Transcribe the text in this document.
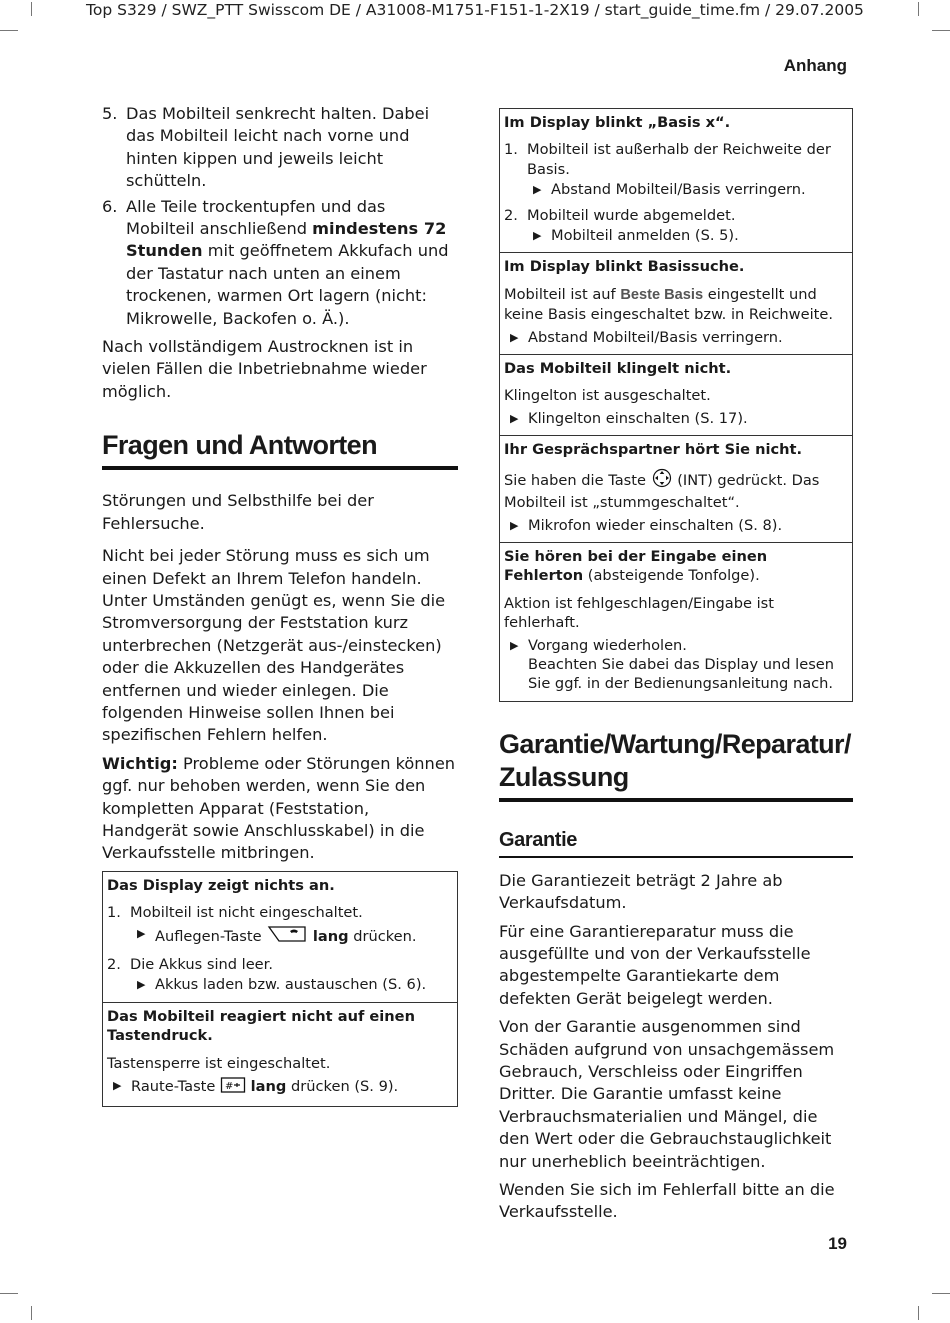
Top S329 / SWZ_PTT Swisscom DE / A31008-M1751-F151-1-2X19 / start_guide_time.fm / 29.07.2005
Anhang
5. Das Mobilteil senkrecht halten. Dabei das Mobilteil leicht nach vorne und hinten kippen und jeweils leicht schütteln.
6. Alle Teile trockentupfen und das Mobilteil anschließend mindestens 72 Stunden mit geöffnetem Akkufach und der Tastatur nach unten an einem trockenen, warmen Ort lagern (nicht: Mikrowelle, Backofen o. Ä.).

Nach vollständigem Austrocknen ist in vielen Fällen die Inbetriebnahme wieder möglich.

Fragen und Antworten

Störungen und Selbsthilfe bei der Fehlersuche.

Nicht bei jeder Störung muss es sich um einen Defekt an Ihrem Telefon handeln. Unter Umständen genügt es, wenn Sie die Stromversorgung der Feststation kurz unterbrechen (Netzgerät aus-/einstecken) oder die Akkuzellen des Handgerätes entfernen und wieder einlegen. Die folgenden Hinweise sollen Ihnen bei spezifischen Fehlern helfen.

Wichtig: Probleme oder Störungen können ggf. nur behoben werden, wenn Sie den kompletten Apparat (Feststation, Handgerät sowie Anschlusskabel) in die Verkaufsstelle mitbringen.

Das Display zeigt nichts an.
1. Mobilteil ist nicht eingeschaltet.
▶ Auflegen-Taste	lang drücken.
2. Die Akkus sind leer.
▶ Akkus laden bzw. austauschen (S. 6).

Das Mobilteil reagiert nicht auf einen Tastendruck.
Tastensperre ist eingeschaltet.
▶ Raute-Taste # lang drücken (S. 9).
Im Display blinkt „Basis x“.
1. Mobilteil ist außerhalb der Reichweite der Basis.
▶ Abstand Mobilteil/Basis verringern.
2. Mobilteil wurde abgemeldet.
▶ Mobilteil anmelden (S. 5).

Im Display blinkt Basissuche.
Mobilteil ist auf Beste Basis eingestellt und keine Basis eingeschaltet bzw. in Reichweite.
▶ Abstand Mobilteil/Basis verringern.

Das Mobilteil klingelt nicht.
Klingelton ist ausgeschaltet.
▶ Klingelton einschalten (S. 17).

Ihr Gesprächspartner hört Sie nicht.
Sie haben die Taste (INT) gedrückt. Das Mobilteil ist „stummgeschaltet“.
▶ Mikrofon wieder einschalten (S. 8).

Sie hören bei der Eingabe einen Fehlerton (absteigende Tonfolge).
Aktion ist fehlgeschlagen/Eingabe ist fehlerhaft.
▶ Vorgang wiederholen.
Beachten Sie dabei das Display und lesen Sie ggf. in der Bedienungsanleitung nach.
Garantie/Wartung/Reparatur/ Zulassung
Garantie

Die Garantiezeit beträgt 2 Jahre ab Verkaufsdatum.

Für eine Garantiereparatur muss die ausgefüllte und von der Verkaufsstelle abgestempelte Garantiekarte dem defekten Gerät beigelegt werden.

Von der Garantie ausgenommen sind Schäden aufgrund von unsachgemässem Gebrauch, Verschleiss oder Eingriffen Dritter. Die Garantie umfasst keine Verbrauchsmaterialien und Mängel, die den Wert oder die Gebrauchstauglichkeit nur unerheblich beeinträchtigen.

Wenden Sie sich im Fehlerfall bitte an die Verkaufsstelle.

19
